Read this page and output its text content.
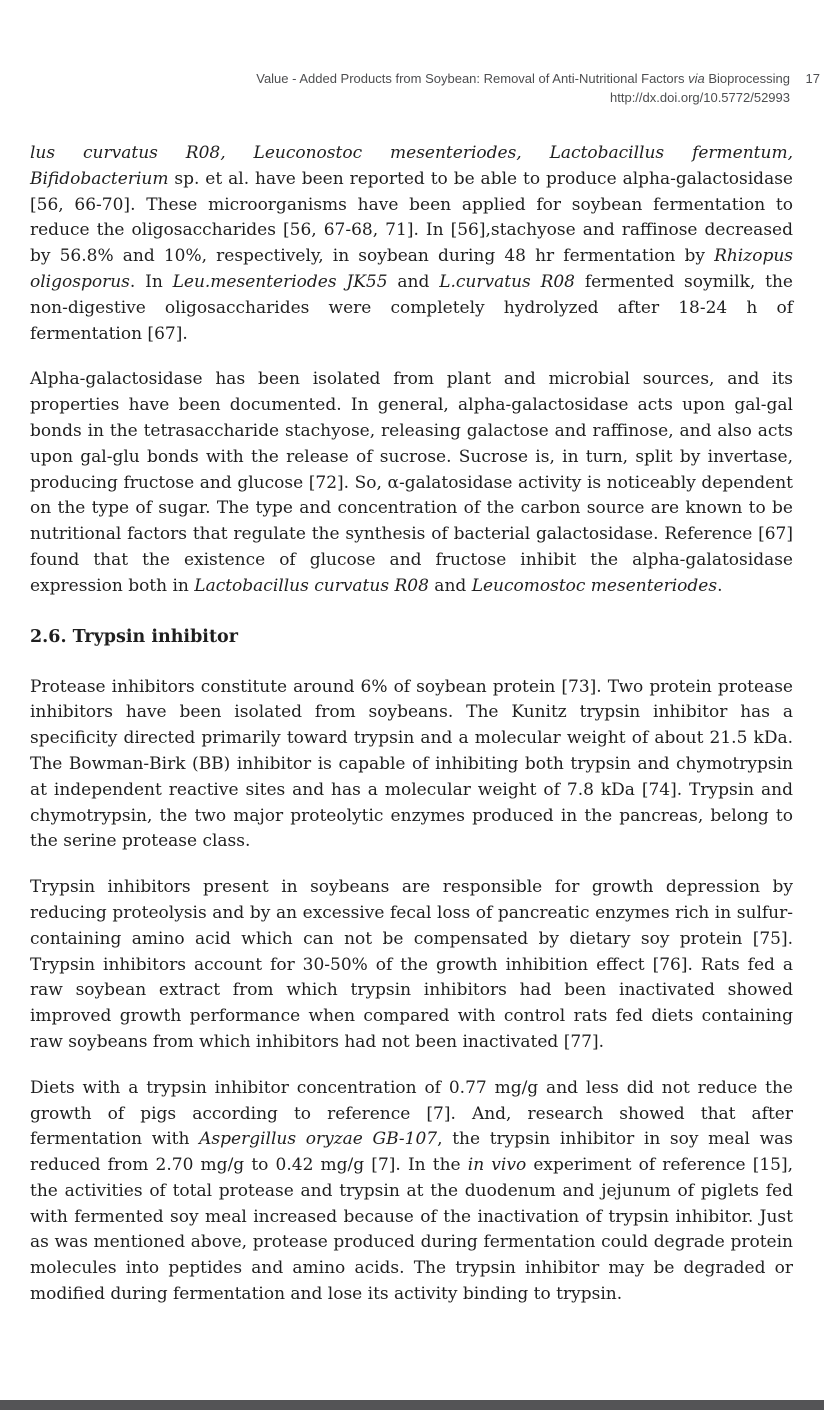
Value - Added Products from Soybean: Removal of Anti-Nutritional Factors via Bioprocessing 17
http://dx.doi.org/10.5772/52993

lus curvatus R08, Leuconostoc mesenteriodes, Lactobacillus fermentum, Bifidobacterium sp. et al. have been reported to be able to produce alpha-galactosidase [56, 66-70]. These microorganisms have been applied for soybean fermentation to reduce the oligosaccharides [56, 67-68, 71]. In [56],stachyose and raffinose decreased by 56.8% and 10%, respectively, in soybean during 48 hr fermentation by Rhizopus oligosporus. In Leu.mesenteriodes JK55 and L.curvatus R08 fermented soymilk, the non-digestive oligosaccharides were completely hydrolyzed after 18-24 h of fermentation [67].

Alpha-galactosidase has been isolated from plant and microbial sources, and its properties have been documented. In general, alpha-galactosidase acts upon gal-gal bonds in the tetrasaccharide stachyose, releasing galactose and raffinose, and also acts upon gal-glu bonds with the release of sucrose. Sucrose is, in turn, split by invertase, producing fructose and glucose [72]. So, α-galatosidase activity is noticeably dependent on the type of sugar. The type and concentration of the carbon source are known to be nutritional factors that regulate the synthesis of bacterial galactosidase. Reference [67] found that the existence of glucose and fructose inhibit the alpha-galatosidase expression both in Lactobacillus curvatus R08 and Leucomostoc mesenteriodes.

2.6. Trypsin inhibitor

Protease inhibitors constitute around 6% of soybean protein [73]. Two protein protease inhibitors have been isolated from soybeans. The Kunitz trypsin inhibitor has a specificity directed primarily toward trypsin and a molecular weight of about 21.5 kDa. The Bowman-Birk (BB) inhibitor is capable of inhibiting both trypsin and chymotrypsin at independent reactive sites and has a molecular weight of 7.8 kDa [74]. Trypsin and chymotrypsin, the two major proteolytic enzymes produced in the pancreas, belong to the serine protease class.

Trypsin inhibitors present in soybeans are responsible for growth depression by reducing proteolysis and by an excessive fecal loss of pancreatic enzymes rich in sulfur-containing amino acid which can not be compensated by dietary soy protein [75]. Trypsin inhibitors account for 30-50% of the growth inhibition effect [76]. Rats fed a raw soybean extract from which trypsin inhibitors had been inactivated showed improved growth performance when compared with control rats fed diets containing raw soybeans from which inhibitors had not been inactivated [77].

Diets with a trypsin inhibitor concentration of 0.77 mg/g and less did not reduce the growth of pigs according to reference [7]. And, research showed that after fermentation with Aspergillus oryzae GB-107, the trypsin inhibitor in soy meal was reduced from 2.70 mg/g to 0.42 mg/g [7]. In the in vivo experiment of reference [15], the activities of total protease and trypsin at the duodenum and jejunum of piglets fed with fermented soy meal increased because of the inactivation of trypsin inhibitor. Just as was mentioned above, protease produced during fermentation could degrade protein molecules into peptides and amino acids. The trypsin inhibitor may be degraded or modified during fermentation and lose its activity binding to trypsin.
